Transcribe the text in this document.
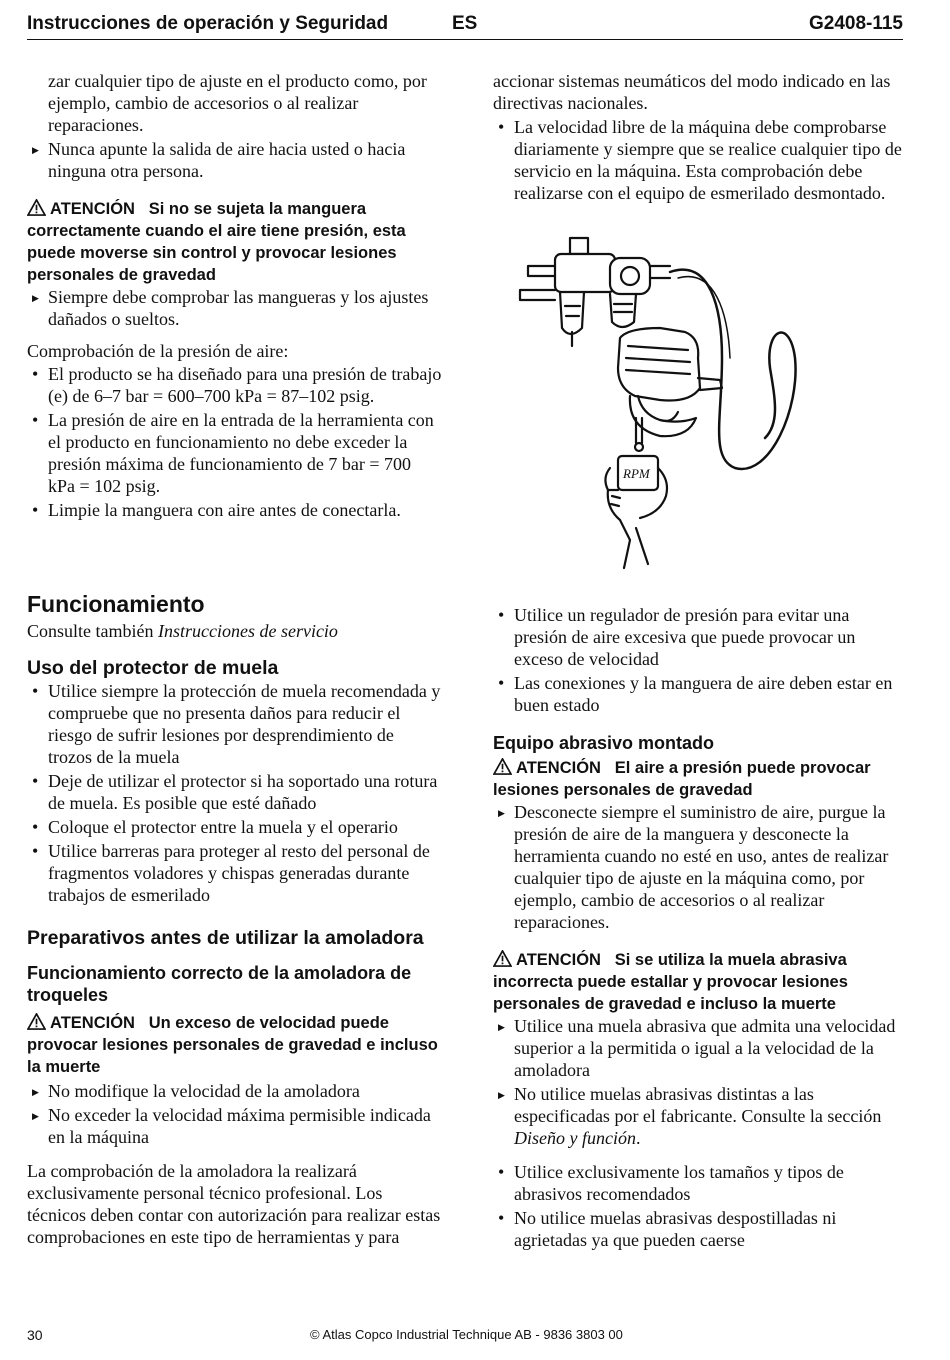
Instrucciones de operación y Seguridad	ES	G2408-115

zar cualquier tipo de ajuste en el producto como, por ejemplo, cambio de accesorios o al realizar reparaciones.

▶ Nunca apunte la salida de aire hacia usted o hacia ninguna otra persona.

ATENCIÓN Si no se sujeta la manguera correctamente cuando el aire tiene presión, esta puede moverse sin control y provocar lesiones personales de gravedad

▶ Siempre debe comprobar las mangueras y los ajustes dañados o sueltos.

Comprobación de la presión de aire:

• El producto se ha diseñado para una presión de trabajo (e) de 6–7 bar = 600–700 kPa = 87–102 psig.

• La presión de aire en la entrada de la herramienta con el producto en funcionamiento no debe exceder la presión máxima de funcionamiento de 7 bar = 700 kPa = 102 psig.

• Limpie la manguera con aire antes de conectarla.

accionar sistemas neumáticos del modo indicado en las directivas nacionales.

• La velocidad libre de la máquina debe comprobarse diariamente y siempre que se realice cualquier tipo de servicio en la máquina. Esta comprobación debe realizarse con el equipo de esmerilado desmontado.

RPM

Funcionamiento

Consulte también Instrucciones de servicio

Uso del protector de muela

• Utilice siempre la protección de muela recomendada y compruebe que no presenta daños para reducir el riesgo de sufrir lesiones por desprendimiento de trozos de la muela

• Deje de utilizar el protector si ha soportado una rotura de muela. Es posible que esté dañado

• Coloque el protector entre la muela y el operario

• Utilice barreras para proteger al resto del personal de fragmentos voladores y chispas generadas durante trabajos de esmerilado

Preparativos antes de utilizar la amoladora

Funcionamiento correcto de la amoladora de troqueles

ATENCIÓN Un exceso de velocidad puede provocar lesiones personales de gravedad e incluso la muerte

▶ No modifique la velocidad de la amoladora

▶ No exceder la velocidad máxima permisible indicada en la máquina

La comprobación de la amoladora la realizará exclusivamente personal técnico profesional. Los técnicos deben contar con autorización para realizar estas comprobaciones en este tipo de herramientas y para

• Utilice un regulador de presión para evitar una presión de aire excesiva que puede provocar un exceso de velocidad

• Las conexiones y la manguera de aire deben estar en buen estado

Equipo abrasivo montado

ATENCIÓN El aire a presión puede provocar lesiones personales de gravedad

▶ Desconecte siempre el suministro de aire, purgue la presión de aire de la manguera y desconecte la herramienta cuando no esté en uso, antes de realizar cualquier tipo de ajuste en la máquina como, por ejemplo, cambio de accesorios o al realizar reparaciones.

ATENCIÓN Si se utiliza la muela abrasiva incorrecta puede estallar y provocar lesiones personales de gravedad e incluso la muerte

▶ Utilice una muela abrasiva que admita una velocidad superior a la permitida o igual a la velocidad de la amoladora

▶ No utilice muelas abrasivas distintas a las especificadas por el fabricante. Consulte la sección Diseño y función.

• Utilice exclusivamente los tamaños y tipos de abrasivos recomendados

• No utilice muelas abrasivas despostilladas ni agrietadas ya que pueden caerse

30	© Atlas Copco Industrial Technique AB - 9836 3803 00
